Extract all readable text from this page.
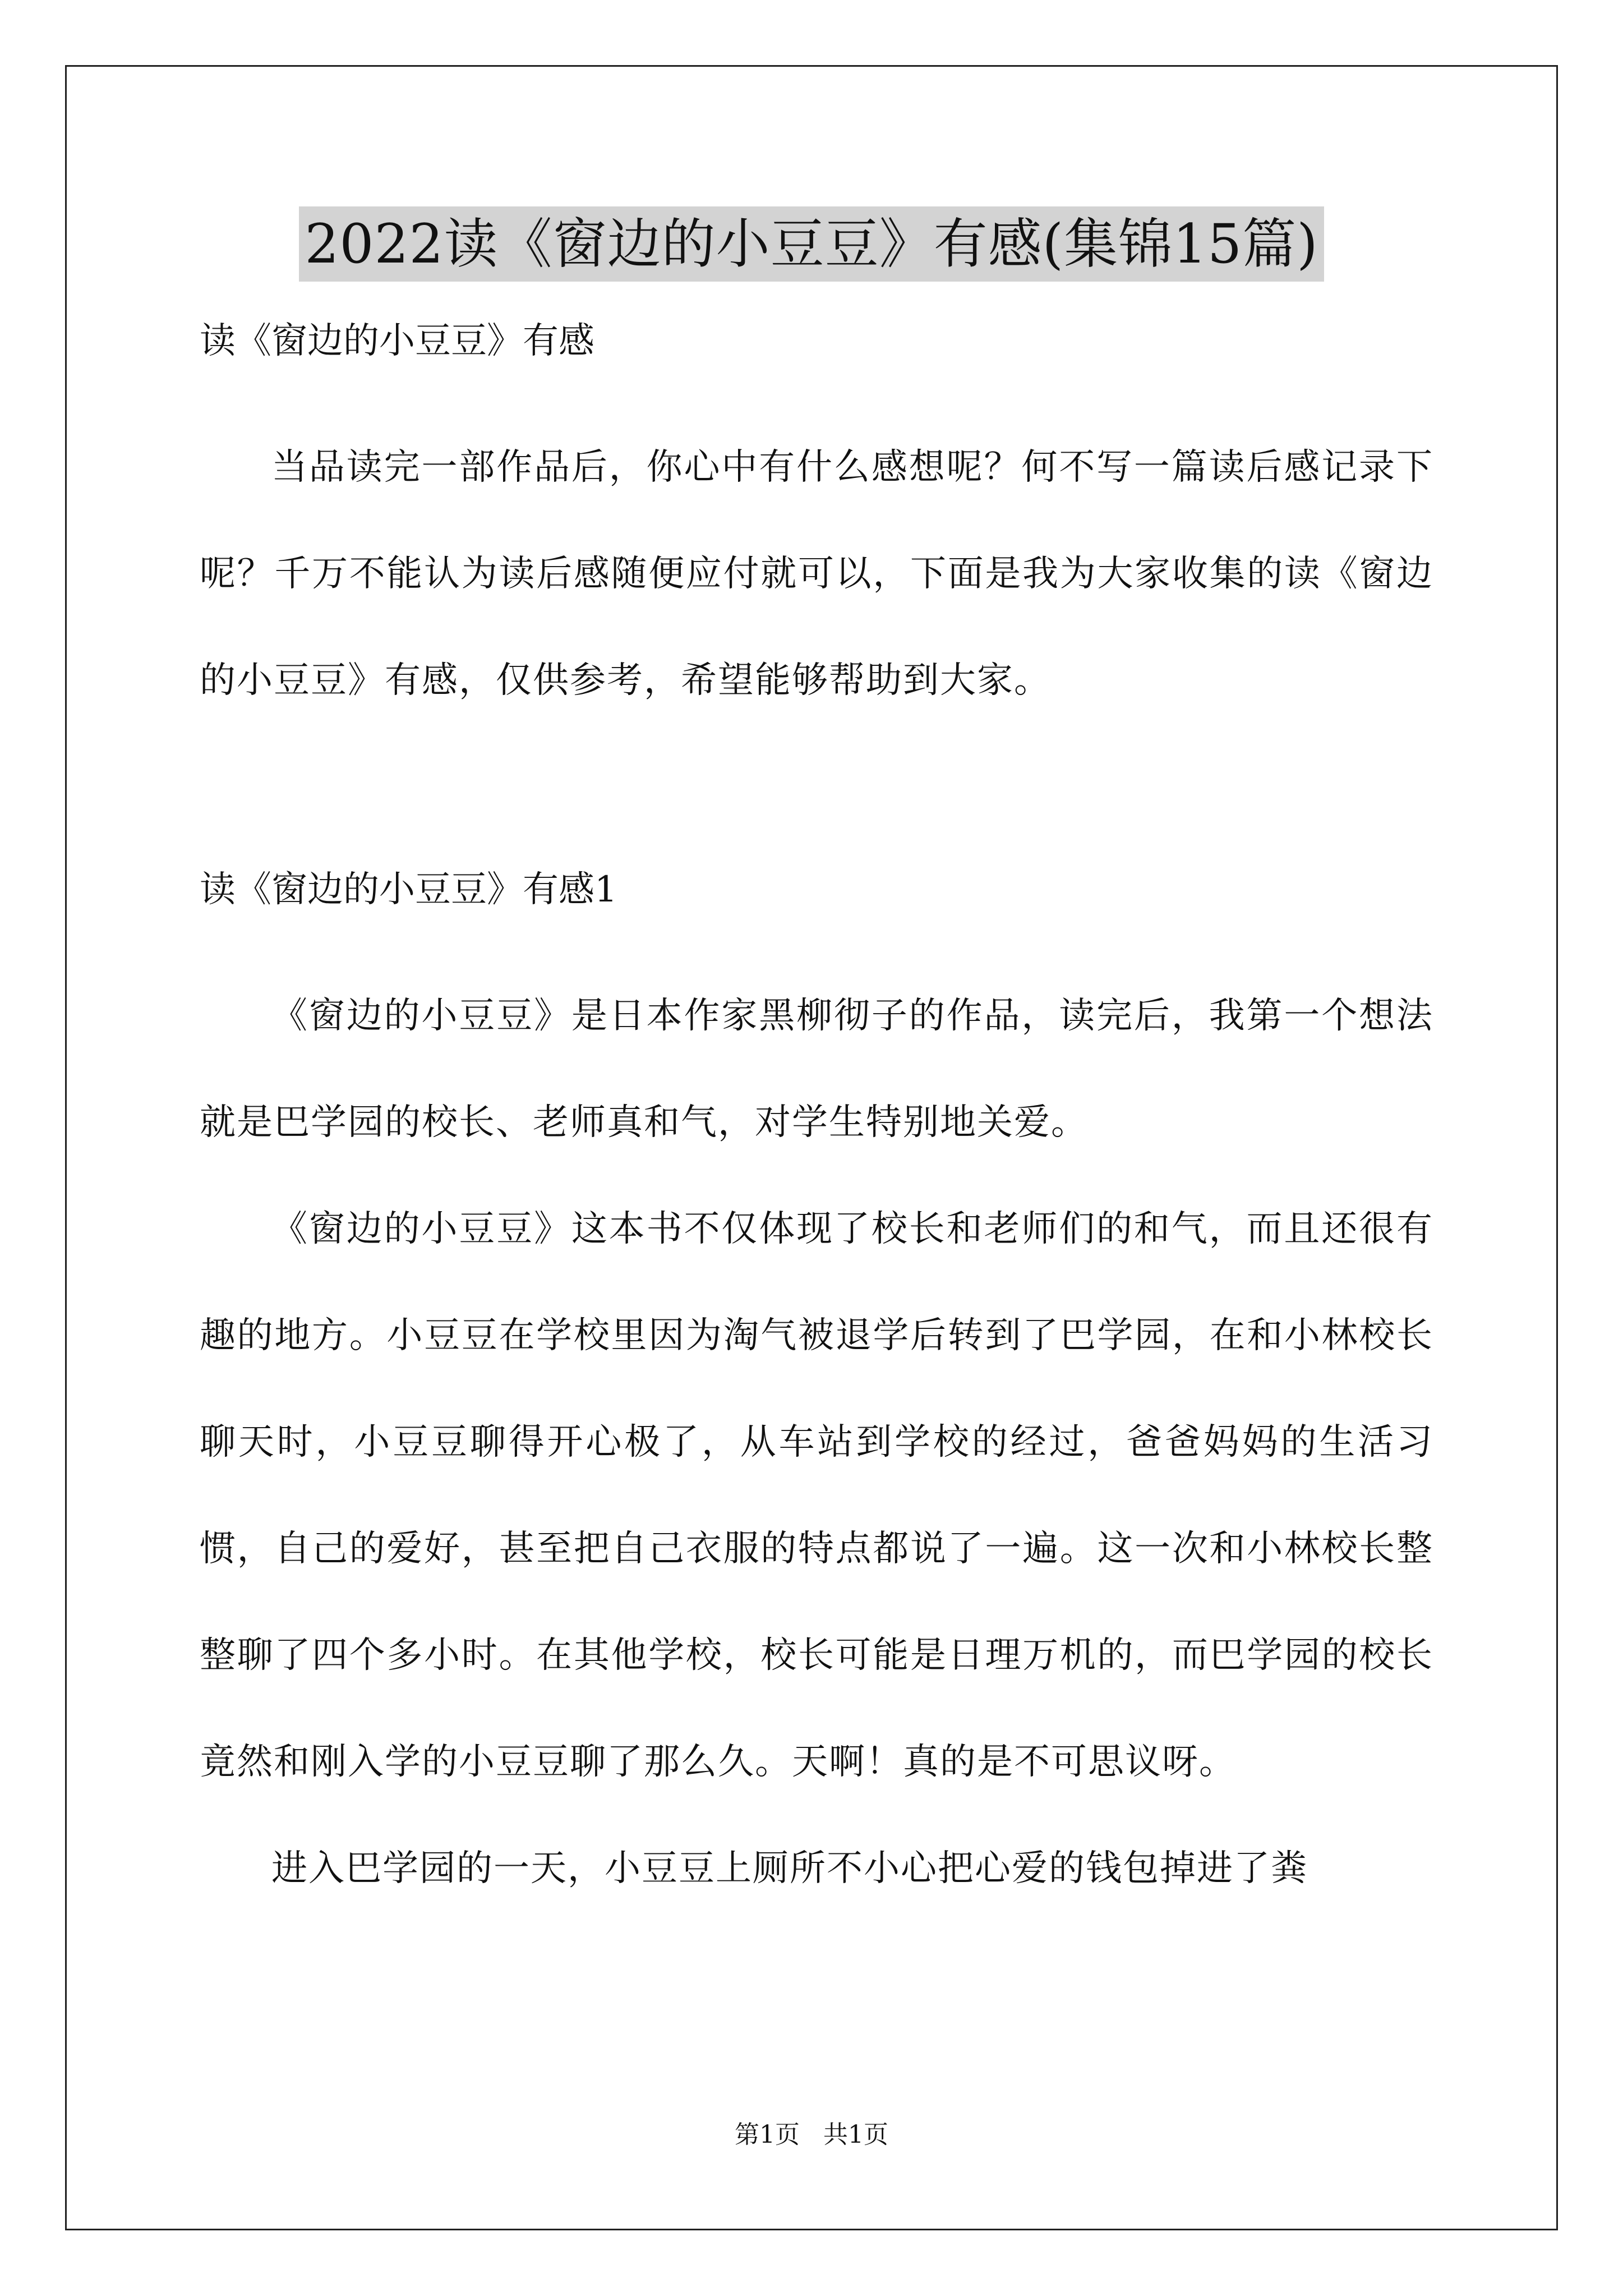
2022读《窗边的小豆豆》有感(集锦15篇)

读《窗边的小豆豆》有感

当品读完一部作品后，你心中有什么感想呢？何不写一篇读后感记录下呢？千万不能认为读后感随便应付就可以，下面是我为大家收集的读《窗边的小豆豆》有感，仅供参考，希望能够帮助到大家。

读《窗边的小豆豆》有感1

《窗边的小豆豆》是日本作家黑柳彻子的作品，读完后，我第一个想法就是巴学园的校长、老师真和气，对学生特别地关爱。

《窗边的小豆豆》这本书不仅体现了校长和老师们的和气，而且还很有趣的地方。小豆豆在学校里因为淘气被退学后转到了巴学园，在和小林校长聊天时，小豆豆聊得开心极了，从车站到学校的经过，爸爸妈妈的生活习惯，自己的爱好，甚至把自己衣服的特点都说了一遍。这一次和小林校长整整聊了四个多小时。在其他学校，校长可能是日理万机的，而巴学园的校长竟然和刚入学的小豆豆聊了那么久。天啊！真的是不可思议呀。

进入巴学园的一天，小豆豆上厕所不小心把心爱的钱包掉进了粪

第1页   共1页
